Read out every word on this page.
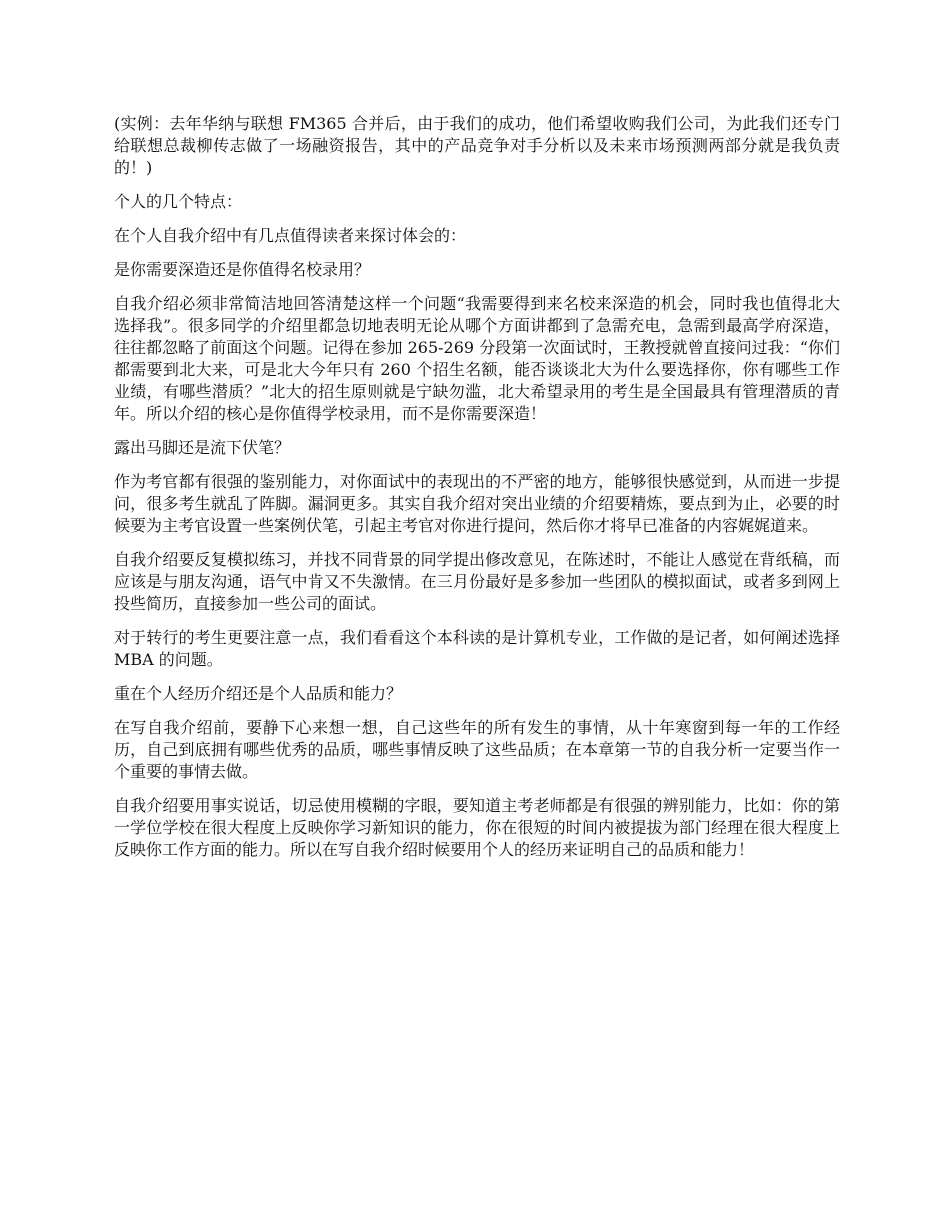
(实例：去年华纳与联想 FM365 合并后，由于我们的成功，他们希望收购我们公司，为此我们还专门给联想总裁柳传志做了一场融资报告，其中的产品竞争对手分析以及未来市场预测两部分就是我负责的！)

个人的几个特点：

在个人自我介绍中有几点值得读者来探讨体会的：

是你需要深造还是你值得名校录用？

自我介绍必须非常简洁地回答清楚这样一个问题“我需要得到来名校来深造的机会，同时我也值得北大选择我”。很多同学的介绍里都急切地表明无论从哪个方面讲都到了急需充电，急需到最高学府深造，往往都忽略了前面这个问题。记得在参加 265-269 分段第一次面试时，王教授就曾直接问过我：“你们都需要到北大来，可是北大今年只有 260 个招生名额，能否谈谈北大为什么要选择你，你有哪些工作业绩，有哪些潜质？”北大的招生原则就是宁缺勿滥，北大希望录用的考生是全国最具有管理潜质的青年。所以介绍的核心是你值得学校录用，而不是你需要深造！

露出马脚还是流下伏笔？

作为考官都有很强的鉴别能力，对你面试中的表现出的不严密的地方，能够很快感觉到，从而进一步提问，很多考生就乱了阵脚。漏洞更多。其实自我介绍对突出业绩的介绍要精炼，要点到为止，必要的时候要为主考官设置一些案例伏笔，引起主考官对你进行提问，然后你才将早已准备的内容娓娓道来。

自我介绍要反复模拟练习，并找不同背景的同学提出修改意见，在陈述时，不能让人感觉在背纸稿，而应该是与朋友沟通，语气中肯又不失激情。在三月份最好是多参加一些团队的模拟面试，或者多到网上投些简历，直接参加一些公司的面试。

对于转行的考生更要注意一点，我们看看这个本科读的是计算机专业，工作做的是记者，如何阐述选择 MBA 的问题。

重在个人经历介绍还是个人品质和能力？

在写自我介绍前，要静下心来想一想，自己这些年的所有发生的事情，从十年寒窗到每一年的工作经历，自己到底拥有哪些优秀的品质，哪些事情反映了这些品质；在本章第一节的自我分析一定要当作一个重要的事情去做。

自我介绍要用事实说话，切忌使用模糊的字眼，要知道主考老师都是有很强的辨别能力，比如：你的第一学位学校在很大程度上反映你学习新知识的能力，你在很短的时间内被提拔为部门经理在很大程度上反映你工作方面的能力。所以在写自我介绍时候要用个人的经历来证明自己的品质和能力！
